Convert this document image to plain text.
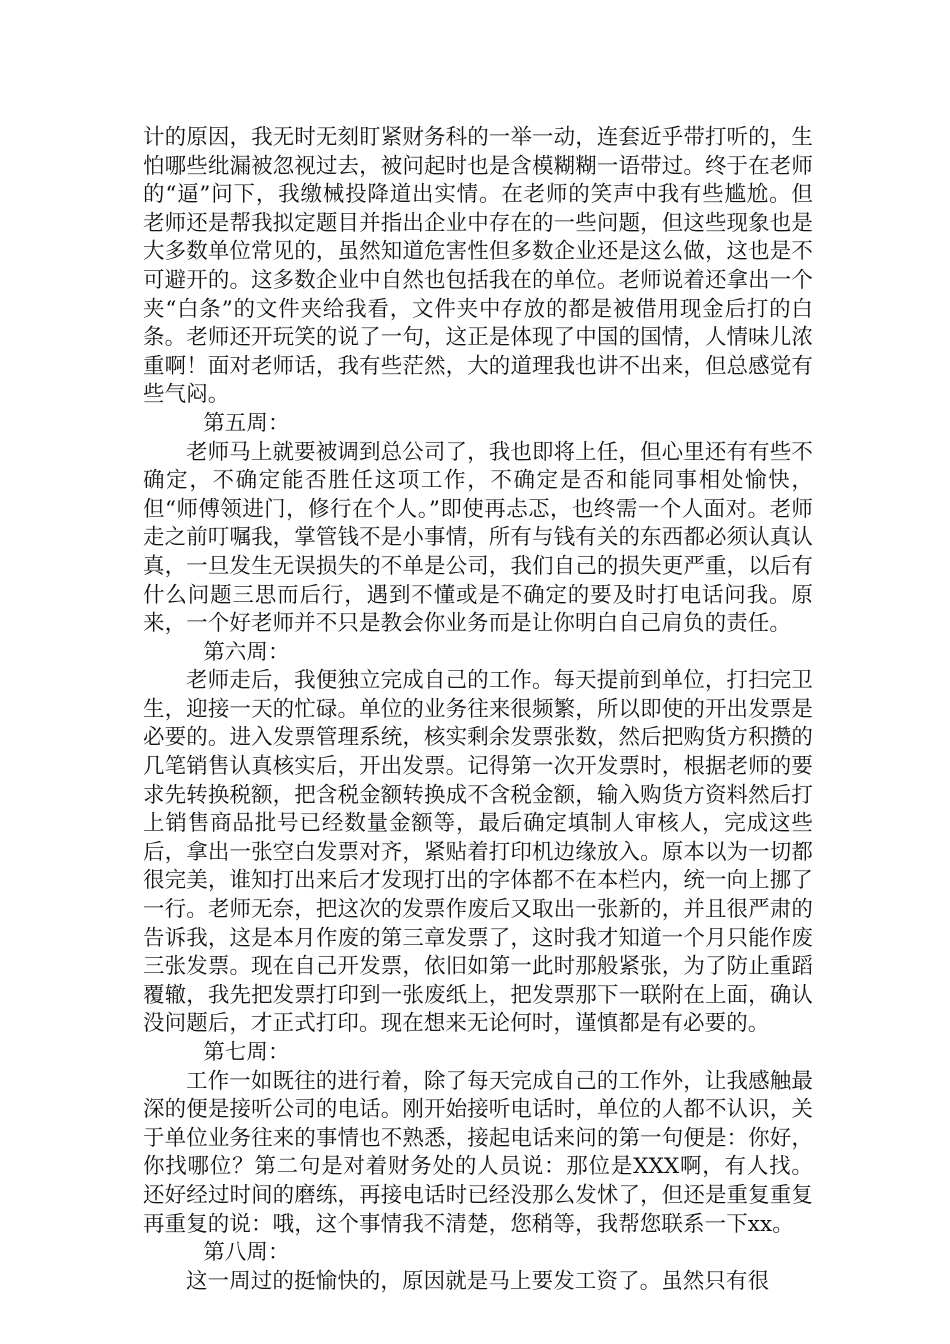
计的原因，我无时无刻盯紧财务科的一举一动，连套近乎带打听的，生怕哪些纰漏被忽视过去，被问起时也是含模糊糊一语带过。终于在老师的“逼”问下，我缴械投降道出实情。在老师的笑声中我有些尴尬。但老师还是帮我拟定题目并指出企业中存在的一些问题，但这些现象也是大多数单位常见的，虽然知道危害性但多数企业还是这么做，这也是不可避开的。这多数企业中自然也包括我在的单位。老师说着还拿出一个夹“白条”的文件夹给我看，文件夹中存放的都是被借用现金后打的白条。老师还开玩笑的说了一句，这正是体现了中国的国情，人情味儿浓重啊！面对老师话，我有些茫然，大的道理我也讲不出来，但总感觉有些气闷。

第五周：

老师马上就要被调到总公司了，我也即将上任，但心里还有有些不确定，不确定能否胜任这项工作，不确定是否和能同事相处愉快，但“师傅领进门，修行在个人。”即使再忐忑，也终需一个人面对。老师走之前叮嘱我，掌管钱不是小事情，所有与钱有关的东西都必须认真认真，一旦发生无误损失的不单是公司，我们自己的损失更严重，以后有什么问题三思而后行，遇到不懂或是不确定的要及时打电话问我。原来，一个好老师并不只是教会你业务而是让你明白自己肩负的责任。

第六周：

老师走后，我便独立完成自己的工作。每天提前到单位，打扫完卫生，迎接一天的忙碌。单位的业务往来很频繁，所以即使的开出发票是必要的。进入发票管理系统，核实剩余发票张数，然后把购货方积攒的几笔销售认真核实后，开出发票。记得第一次开发票时，根据老师的要求先转换税额，把含税金额转换成不含税金额，输入购货方资料然后打上销售商品批号已经数量金额等，最后确定填制人审核人，完成这些后，拿出一张空白发票对齐，紧贴着打印机边缘放入。原本以为一切都很完美，谁知打出来后才发现打出的字体都不在本栏内，统一向上挪了一行。老师无奈，把这次的发票作废后又取出一张新的，并且很严肃的告诉我，这是本月作废的第三章发票了，这时我才知道一个月只能作废三张发票。现在自己开发票，依旧如第一此时那般紧张，为了防止重蹈覆辙，我先把发票打印到一张废纸上，把发票那下一联附在上面，确认没问题后，才正式打印。现在想来无论何时，谨慎都是有必要的。

第七周：

工作一如既往的进行着，除了每天完成自己的工作外，让我感触最深的便是接听公司的电话。刚开始接听电话时，单位的人都不认识，关于单位业务往来的事情也不熟悉，接起电话来问的第一句便是：你好，你找哪位？第二句是对着财务处的人员说：那位是XXX啊，有人找。还好经过时间的磨练，再接电话时已经没那么发怵了，但还是重复重复再重复的说：哦，这个事情我不清楚，您稍等，我帮您联系一下xx。

第八周：

这一周过的挺愉快的，原因就是马上要发工资了。虽然只有很
